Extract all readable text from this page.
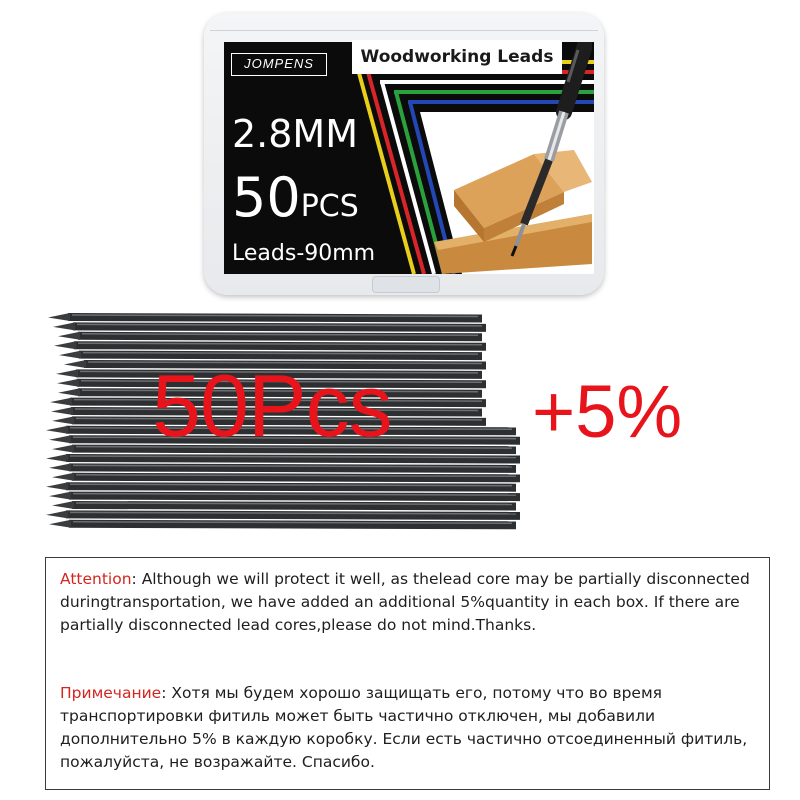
JOMPENS	Woodworking Leads
2.8MM
50PCS
Leads-90mm
50Pcs +5%

Attention: Although we will protect it well, as thelead core may be partially disconnected duringtransportation, we have added an additional 5%quantity in each box. If there are partially disconnected lead cores,please do not mind.Thanks.

Примечание: Хотя мы будем хорошо защищать его, потому что во время транспортировки фитиль может быть частично отключен, мы добавили дополнительно 5% в каждую коробку. Если есть частично отсоединенный фитиль, пожалуйста, не возражайте. Спасибо.
